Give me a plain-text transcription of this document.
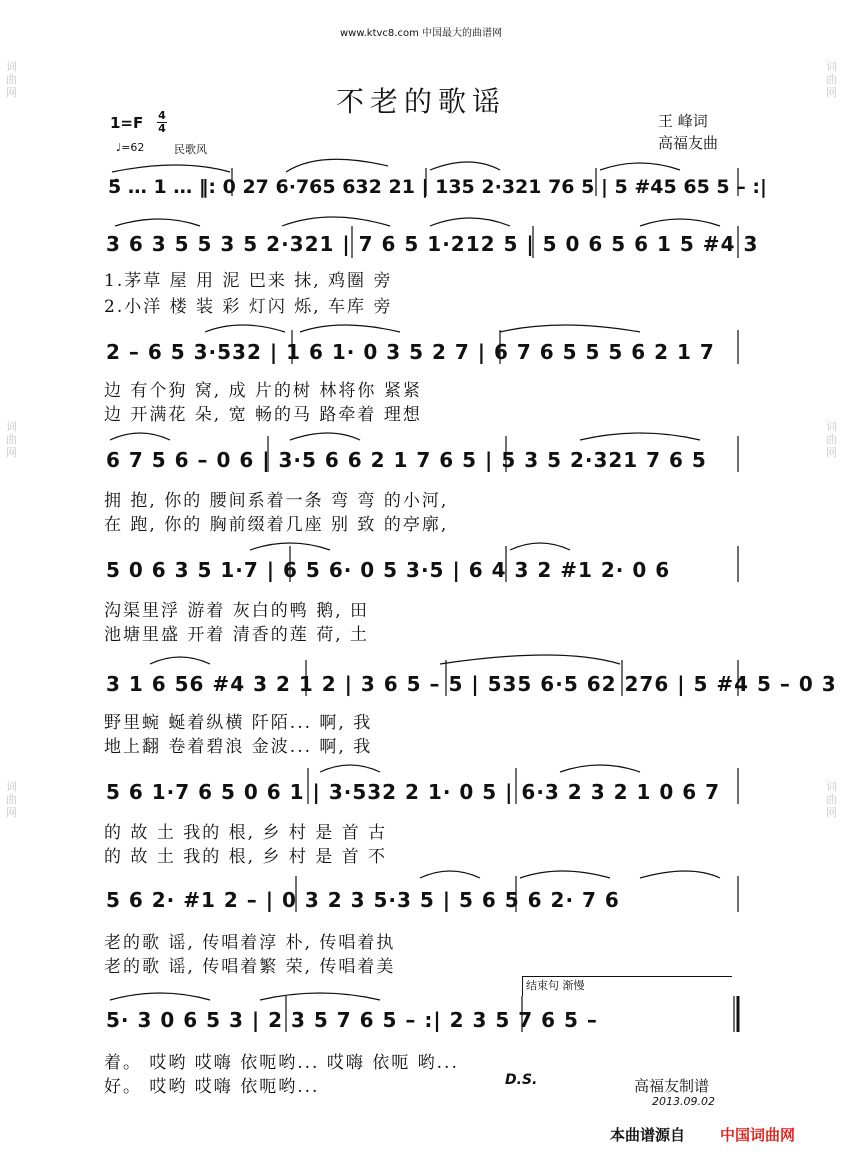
www.ktvc8.com 中国最大的曲谱网
不老的歌谣
1=F 4
4
♩=62	民歌风
王 峰词
高福友曲
5̇ … 1 … ‖: 0 27 6·765 632 21 | 135 2·321 76 5 | 5 #45 65 5 – :|
3 6 3 5 5 3 5 2·321 | 7 6 5 1·212 5 | 5 0 6 5 6 1 5 #4 3
1.茅草 屋 用 泥 巴来 抹, 鸡圈 旁
2.小洋 楼 装 彩 灯闪 烁, 车库 旁
2 – 6 5 3·532 | 1 6 1· 0 3 5 2 7 | 6 7 6 5 5 5 6 2 1 7
边 有个狗 窝, 成 片的树 林将你 紧紧
边 开满花 朵, 宽 畅的马 路牵着 理想
6 7 5 6 – 0 6 | 3·5 6 6 2 1 7 6 5 | 5 3 5 2·321 7 6 5
拥 抱, 你的 腰间系着一条 弯 弯 的小河,
在 跑, 你的 胸前缀着几座 别 致 的亭廓,
5 0 6 3 5 1·7 | 6 5 6· 0 5 3·5 | 6 4 3 2 #1 2· 0 6
沟渠里浮 游着 灰白的鸭 鹅, 田
池塘里盛 开着 清香的莲 荷, 土
3 1 6 56 #4 3 2 1 2 | 3 6 5 – 5 | 535 6·5 62 276 | 5 #4 5 – 0 3
野里蜿 蜒着纵横 阡陌... 啊, 我
地上翻 卷着碧浪 金波... 啊, 我
5 6 1·7 6 5 0 6 1 | 3·532 2 1· 0 5 | 6·3 2 3 2 1 0 6 7
的 故 土 我的 根, 乡 村 是 首 古
的 故 土 我的 根, 乡 村 是 首 不
5 6 2· #1 2 – | 0 3 2 3 5·3 5 | 5 6 5 6 2· 7 6
老的歌 谣, 传唱着淳 朴, 传唱着执
老的歌 谣, 传唱着繁 荣, 传唱着美
结束句 渐慢
5· 3 0 6 5 3 | 2 3 5 7 6 5 – :| 2 3 5 7 6 5 –
着。 哎哟 哎嗨 依呃哟... 哎嗨 依呃 哟...
好。 哎哟 哎嗨 依呃哟...	D.S.	高福友制谱
2013.09.02
本曲谱源自 中国词曲网
词曲网
词曲网
词曲网
词曲网
词曲网
词曲网
